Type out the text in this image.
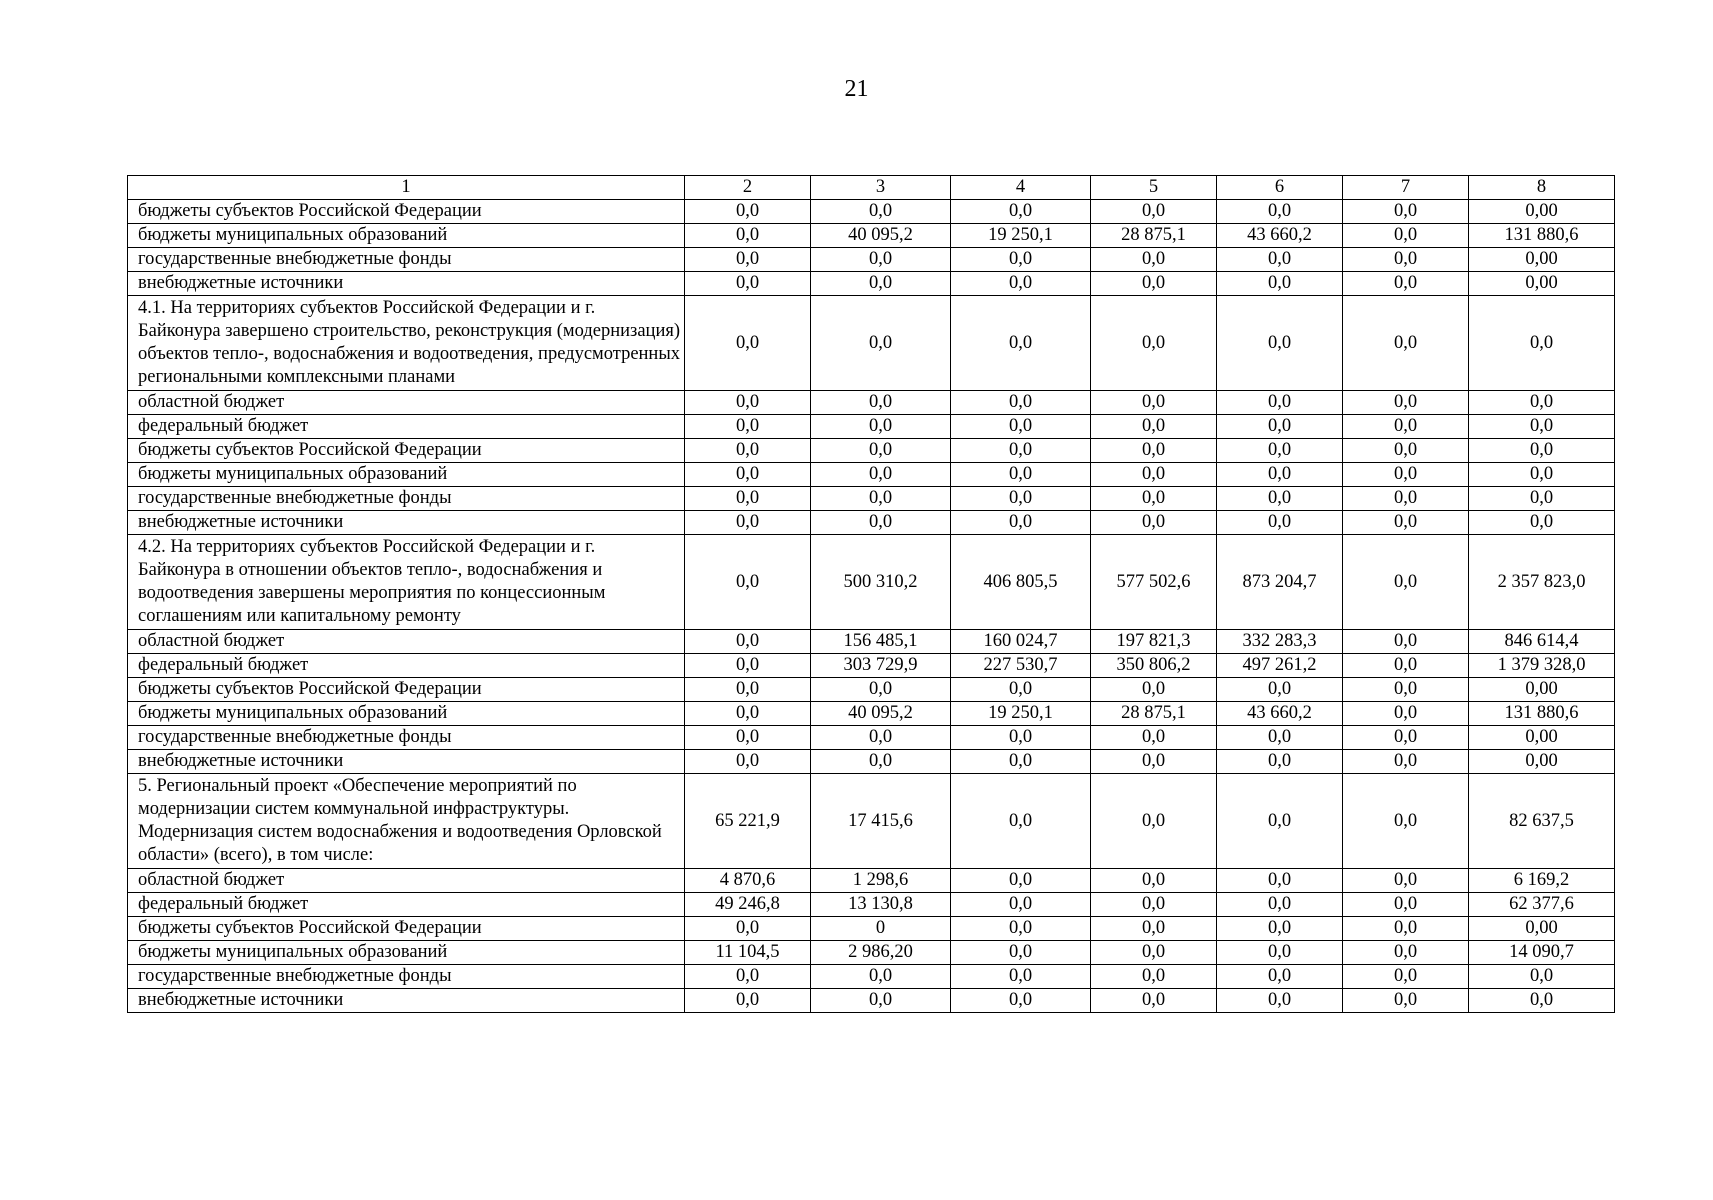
21
1	2	3	4	5	6	7	8
бюджеты субъектов Российской Федерации	0,0	0,0	0,0	0,0	0,0	0,0	0,00
бюджеты муниципальных образований	0,0	40 095,2	19 250,1	28 875,1	43 660,2	0,0	131 880,6
государственные внебюджетные фонды	0,0	0,0	0,0	0,0	0,0	0,0	0,00
внебюджетные источники	0,0	0,0	0,0	0,0	0,0	0,0	0,00
4.1. На территориях субъектов Российской Федерации и г. Байконура завершено строительство, реконструкция (модернизация) объектов тепло-, водоснабжения и водоотведения, предусмотренных региональными комплексными планами	0,0	0,0	0,0	0,0	0,0	0,0	0,0
областной бюджет	0,0	0,0	0,0	0,0	0,0	0,0	0,0
федеральный бюджет	0,0	0,0	0,0	0,0	0,0	0,0	0,0
бюджеты субъектов Российской Федерации	0,0	0,0	0,0	0,0	0,0	0,0	0,0
бюджеты муниципальных образований	0,0	0,0	0,0	0,0	0,0	0,0	0,0
государственные внебюджетные фонды	0,0	0,0	0,0	0,0	0,0	0,0	0,0
внебюджетные источники	0,0	0,0	0,0	0,0	0,0	0,0	0,0
4.2. На территориях субъектов Российской Федерации и г. Байконура в отношении объектов тепло-, водоснабжения и водоотведения завершены мероприятия по концессионным соглашениям или капитальному ремонту	0,0	500 310,2	406 805,5	577 502,6	873 204,7	0,0	2 357 823,0
областной бюджет	0,0	156 485,1	160 024,7	197 821,3	332 283,3	0,0	846 614,4
федеральный бюджет	0,0	303 729,9	227 530,7	350 806,2	497 261,2	0,0	1 379 328,0
бюджеты субъектов Российской Федерации	0,0	0,0	0,0	0,0	0,0	0,0	0,00
бюджеты муниципальных образований	0,0	40 095,2	19 250,1	28 875,1	43 660,2	0,0	131 880,6
государственные внебюджетные фонды	0,0	0,0	0,0	0,0	0,0	0,0	0,00
внебюджетные источники	0,0	0,0	0,0	0,0	0,0	0,0	0,00
5. Региональный проект «Обеспечение мероприятий по модернизации систем коммунальной инфраструктуры. Модернизация систем водоснабжения и водоотведения Орловской области» (всего), в том числе:	65 221,9	17 415,6	0,0	0,0	0,0	0,0	82 637,5
областной бюджет	4 870,6	1 298,6	0,0	0,0	0,0	0,0	6 169,2
федеральный бюджет	49 246,8	13 130,8	0,0	0,0	0,0	0,0	62 377,6
бюджеты субъектов Российской Федерации	0,0	0	0,0	0,0	0,0	0,0	0,00
бюджеты муниципальных образований	11 104,5	2 986,20	0,0	0,0	0,0	0,0	14 090,7
государственные внебюджетные фонды	0,0	0,0	0,0	0,0	0,0	0,0	0,0
внебюджетные источники	0,0	0,0	0,0	0,0	0,0	0,0	0,0
